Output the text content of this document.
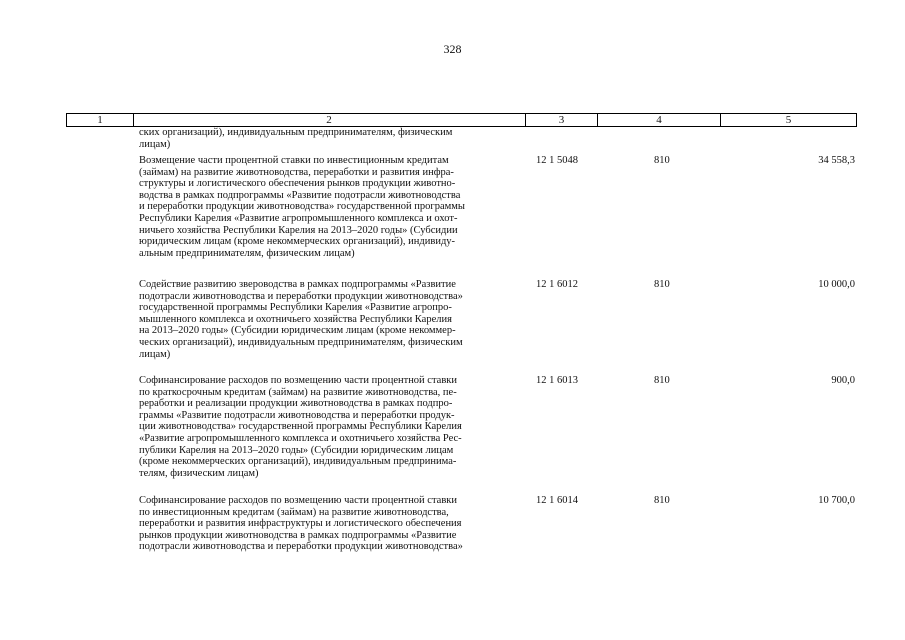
328
1	2	3	4	5
ских организаций), индивидуальным предпринимателям, физическим
лицам)
Возмещение части процентной ставки по инвестиционным кредитам
(займам) на развитие животноводства, переработки и развития инфра-
структуры и логистического обеспечения рынков продукции животно-
водства в рамках подпрограммы «Развитие подотрасли животноводства
и переработки продукции животноводства» государственной программы
Республики Карелия «Развитие агропромышленного комплекса и охот-
ничьего хозяйства Республики Карелия на 2013–2020 годы» (Субсидии
юридическим лицам (кроме некоммерческих организаций), индивиду-
альным предпринимателям, физическим лицам)
12 1 5048	810	34 558,3
Содействие развитию звероводства в рамках подпрограммы «Развитие
подотрасли животноводства и переработки продукции животноводства»
государственной программы Республики Карелия «Развитие агропро-
мышленного комплекса и охотничьего хозяйства Республики Карелия
на 2013–2020 годы» (Субсидии юридическим лицам (кроме некоммер-
ческих организаций), индивидуальным предпринимателям, физическим
лицам)
12 1 6012	810	10 000,0
Софинансирование расходов по возмещению части процентной ставки
по краткосрочным кредитам (займам) на развитие животноводства, пе-
реработки и реализации продукции животноводства в рамках подпро-
граммы «Развитие подотрасли животноводства и переработки продук-
ции животноводства» государственной программы Республики Карелия
«Развитие агропромышленного комплекса и охотничьего хозяйства Рес-
публики Карелия на 2013–2020 годы» (Субсидии юридическим лицам
(кроме некоммерческих организаций), индивидуальным предпринима-
телям, физическим лицам)
12 1 6013	810	900,0
Софинансирование расходов по возмещению части процентной ставки
по инвестиционным кредитам (займам) на развитие животноводства,
переработки и развития инфраструктуры и логистического обеспечения
рынков продукции животноводства в рамках подпрограммы «Развитие
подотрасли животноводства и переработки продукции животноводства»
12 1 6014	810	10 700,0
